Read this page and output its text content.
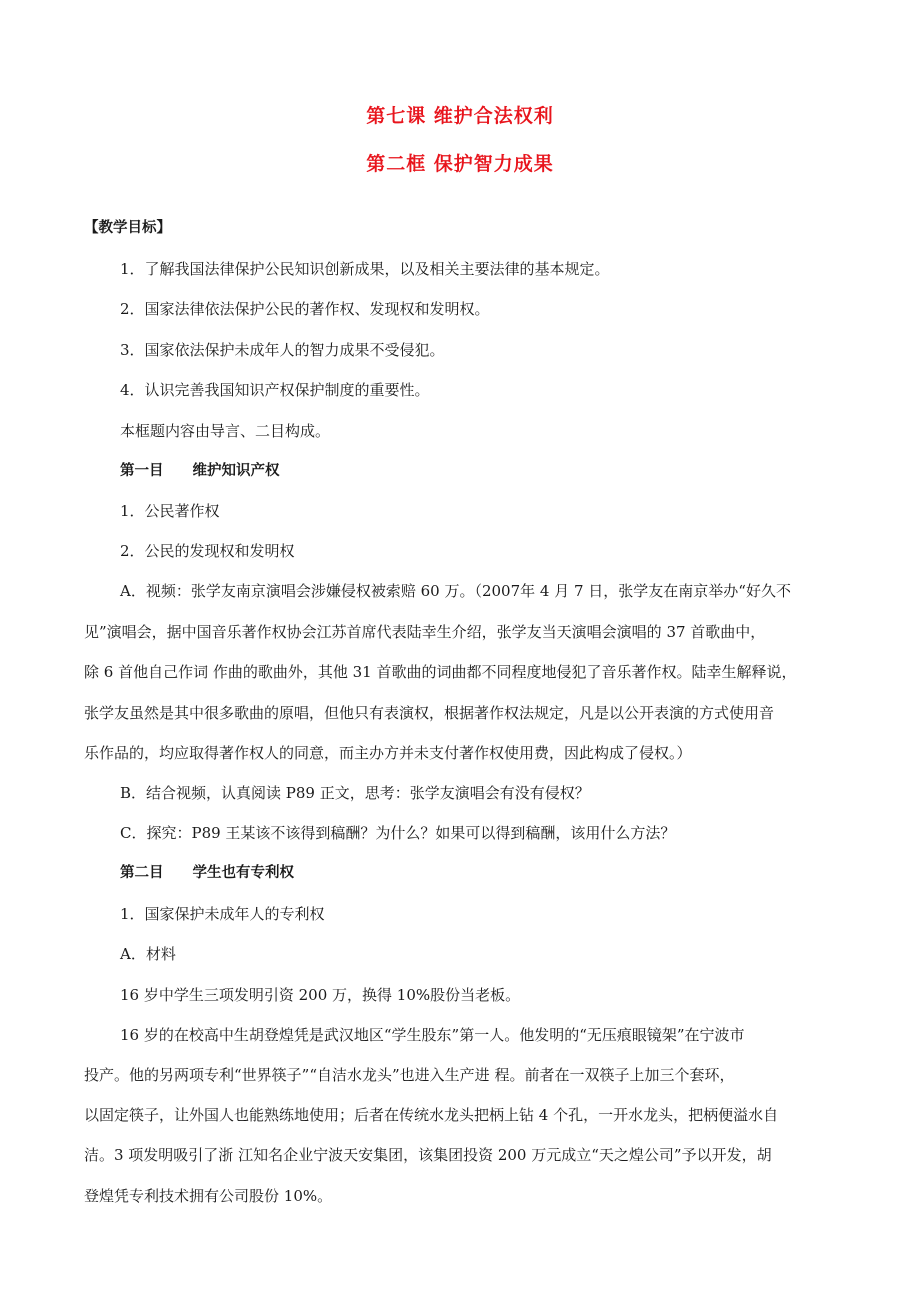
第七课 维护合法权利
第二框 保护智力成果
【教学目标】
1．了解我国法律保护公民知识创新成果，以及相关主要法律的基本规定。
2．国家法律依法保护公民的著作权、发现权和发明权。
3．国家依法保护未成年人的智力成果不受侵犯。
4．认识完善我国知识产权保护制度的重要性。
本框题内容由导言、二目构成。
第一目　　维护知识产权
1．公民著作权
2．公民的发现权和发明权
A．视频：张学友南京演唱会涉嫌侵权被索赔 60 万。（2007年 4 月 7 日，张学友在南京举办“好久不
见”演唱会，据中国音乐著作权协会江苏首席代表陆幸生介绍，张学友当天演唱会演唱的 37 首歌曲中，
除 6 首他自己作词 作曲的歌曲外，其他 31 首歌曲的词曲都不同程度地侵犯了音乐著作权。陆幸生解释说，
张学友虽然是其中很多歌曲的原唱，但他只有表演权，根据著作权法规定，凡是以公开表演的方式使用音
乐作品的，均应取得著作权人的同意，而主办方并未支付著作权使用费，因此构成了侵权。）
B．结合视频，认真阅读 P89 正文，思考：张学友演唱会有没有侵权？
C．探究：P89 王某该不该得到稿酬？为什么？如果可以得到稿酬，该用什么方法？
第二目　　学生也有专利权
1．国家保护未成年人的专利权
A．材料
16 岁中学生三项发明引资 200 万，换得 10%股份当老板。
16 岁的在校高中生胡登煌凭是武汉地区“学生股东”第一人。他发明的“无压痕眼镜架”在宁波市
投产。他的另两项专利“世界筷子”“自洁水龙头”也进入生产进 程。前者在一双筷子上加三个套环，
以固定筷子，让外国人也能熟练地使用；后者在传统水龙头把柄上钻 4 个孔，一开水龙头，把柄便溢水自
洁。3 项发明吸引了浙 江知名企业宁波天安集团，该集团投资 200 万元成立“天之煌公司”予以开发，胡
登煌凭专利技术拥有公司股份 10%。
